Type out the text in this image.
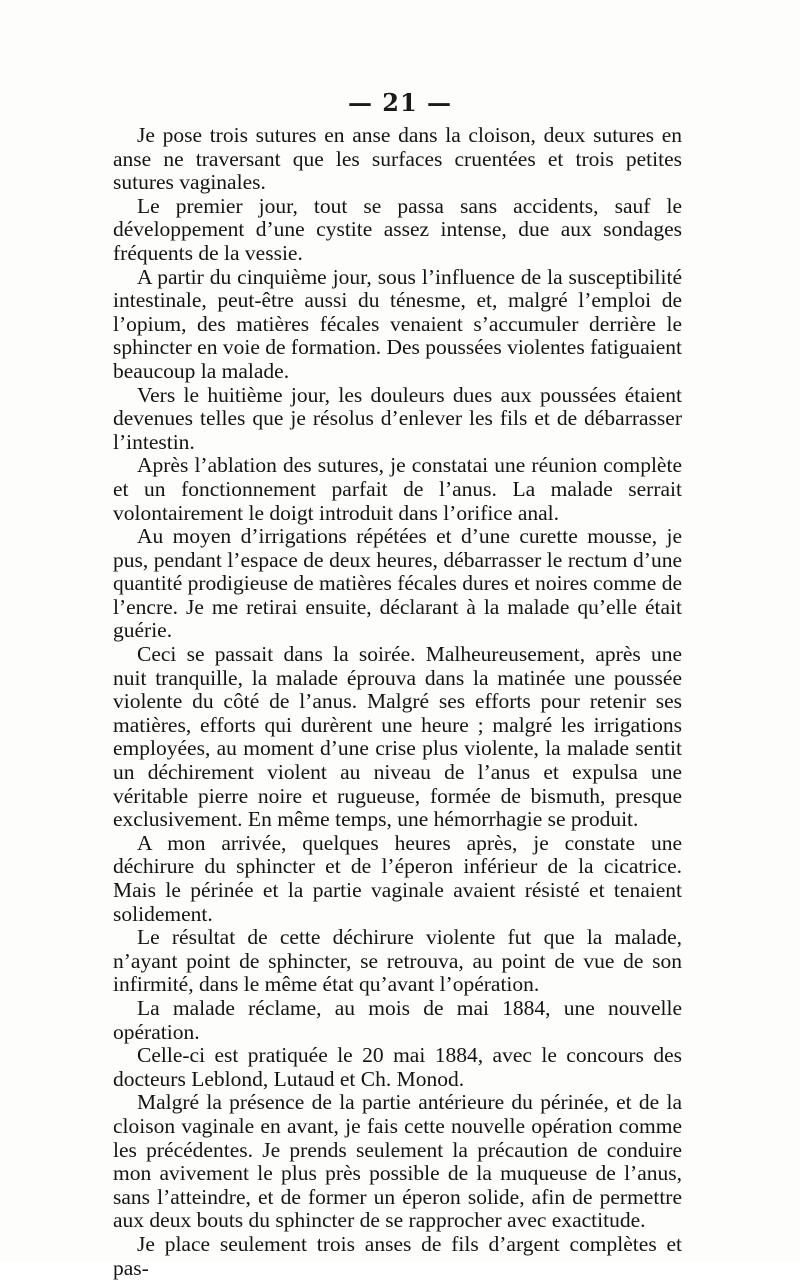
— 21 —

Je pose trois sutures en anse dans la cloison, deux sutures en anse ne traversant que les surfaces cruentées et trois petites sutures vaginales.

Le premier jour, tout se passa sans accidents, sauf le développement d’une cystite assez intense, due aux sondages fréquents de la vessie.

A partir du cinquième jour, sous l’influence de la susceptibilité intestinale, peut-être aussi du ténesme, et, malgré l’emploi de l’opium, des matières fécales venaient s’accumuler derrière le sphincter en voie de formation. Des poussées violentes fatiguaient beaucoup la malade.

Vers le huitième jour, les douleurs dues aux poussées étaient devenues telles que je résolus d’enlever les fils et de débarrasser l’intestin.

Après l’ablation des sutures, je constatai une réunion complète et un fonctionnement parfait de l’anus. La malade serrait volontairement le doigt introduit dans l’orifice anal.

Au moyen d’irrigations répétées et d’une curette mousse, je pus, pendant l’espace de deux heures, débarrasser le rectum d’une quantité prodigieuse de matières fécales dures et noires comme de l’encre. Je me retirai ensuite, déclarant à la malade qu’elle était guérie.

Ceci se passait dans la soirée. Malheureusement, après une nuit tranquille, la malade éprouva dans la matinée une poussée violente du côté de l’anus. Malgré ses efforts pour retenir ses matières, efforts qui durèrent une heure ; malgré les irrigations employées, au moment d’une crise plus violente, la malade sentit un déchirement violent au niveau de l’anus et expulsa une véritable pierre noire et rugueuse, formée de bismuth, presque exclusivement. En même temps, une hémorrhagie se produit.

A mon arrivée, quelques heures après, je constate une déchirure du sphincter et de l’éperon inférieur de la cicatrice. Mais le périnée et la partie vaginale avaient résisté et tenaient solidement.

Le résultat de cette déchirure violente fut que la malade, n’ayant point de sphincter, se retrouva, au point de vue de son infirmité, dans le même état qu’avant l’opération.

La malade réclame, au mois de mai 1884, une nouvelle opération.

Celle-ci est pratiquée le 20 mai 1884, avec le concours des docteurs Leblond, Lutaud et Ch. Monod.

Malgré la présence de la partie antérieure du périnée, et de la cloison vaginale en avant, je fais cette nouvelle opération comme les précédentes. Je prends seulement la précaution de conduire mon avivement le plus près possible de la muqueuse de l’anus, sans l’atteindre, et de former un éperon solide, afin de permettre aux deux bouts du sphincter de se rapprocher avec exactitude.

Je place seulement trois anses de fils d’argent complètes et pas-
